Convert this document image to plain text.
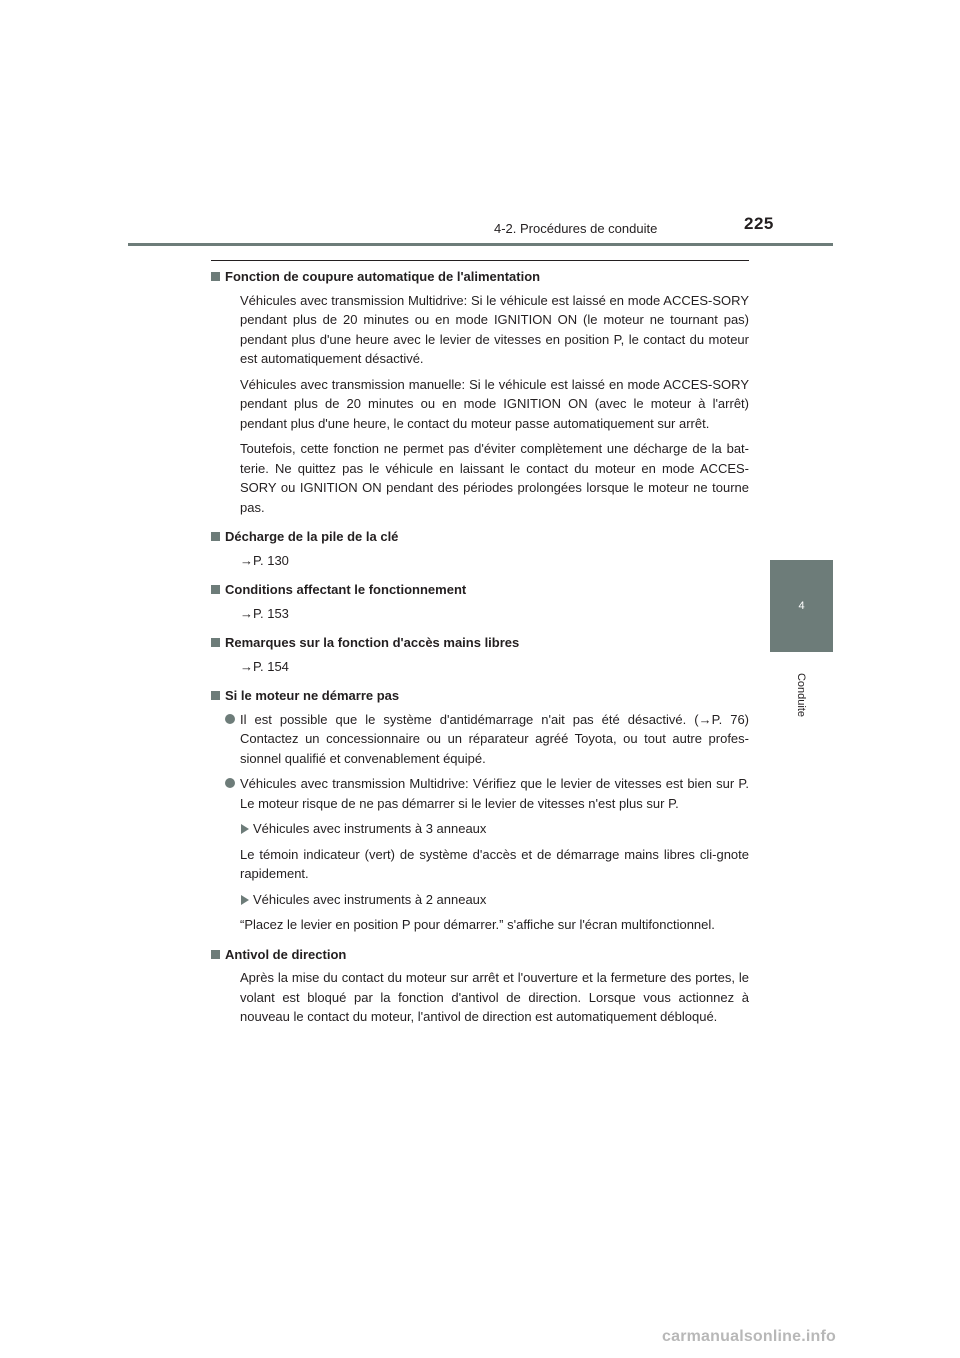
4-2. Procédures de conduite	225
4
Conduite
Fonction de coupure automatique de l'alimentation

Véhicules avec transmission Multidrive: Si le véhicule est laissé en mode ACCES-SORY pendant plus de 20 minutes ou en mode IGNITION ON (le moteur ne tournant pas) pendant plus d'une heure avec le levier de vitesses en position P, le contact du moteur est automatiquement désactivé.

Véhicules avec transmission manuelle: Si le véhicule est laissé en mode ACCES-SORY pendant plus de 20 minutes ou en mode IGNITION ON (avec le moteur à l'arrêt) pendant plus d'une heure, le contact du moteur passe automatiquement sur arrêt.

Toutefois, cette fonction ne permet pas d'éviter complètement une décharge de la bat-terie. Ne quittez pas le véhicule en laissant le contact du moteur en mode ACCES-SORY ou IGNITION ON pendant des périodes prolongées lorsque le moteur ne tourne pas.

Décharge de la pile de la clé
→P. 130
Conditions affectant le fonctionnement
→P. 153
Remarques sur la fonction d'accès mains libres
→P. 154
Si le moteur ne démarre pas
Il est possible que le système d'antidémarrage n'ait pas été désactivé. (→P. 76) Contactez un concessionnaire ou un réparateur agréé Toyota, ou tout autre profes-sionnel qualifié et convenablement équipé.
Véhicules avec transmission Multidrive: Vérifiez que le levier de vitesses est bien sur P. Le moteur risque de ne pas démarrer si le levier de vitesses n'est plus sur P.
Véhicules avec instruments à 3 anneaux

Le témoin indicateur (vert) de système d'accès et de démarrage mains libres cli-gnote rapidement.

Véhicules avec instruments à 2 anneaux

“Placez le levier en position P pour démarrer.” s'affiche sur l'écran multifonctionnel.

Antivol de direction

Après la mise du contact du moteur sur arrêt et l'ouverture et la fermeture des portes, le volant est bloqué par la fonction d'antivol de direction. Lorsque vous actionnez à nouveau le contact du moteur, l'antivol de direction est automatiquement débloqué.

carmanualsonline.info
